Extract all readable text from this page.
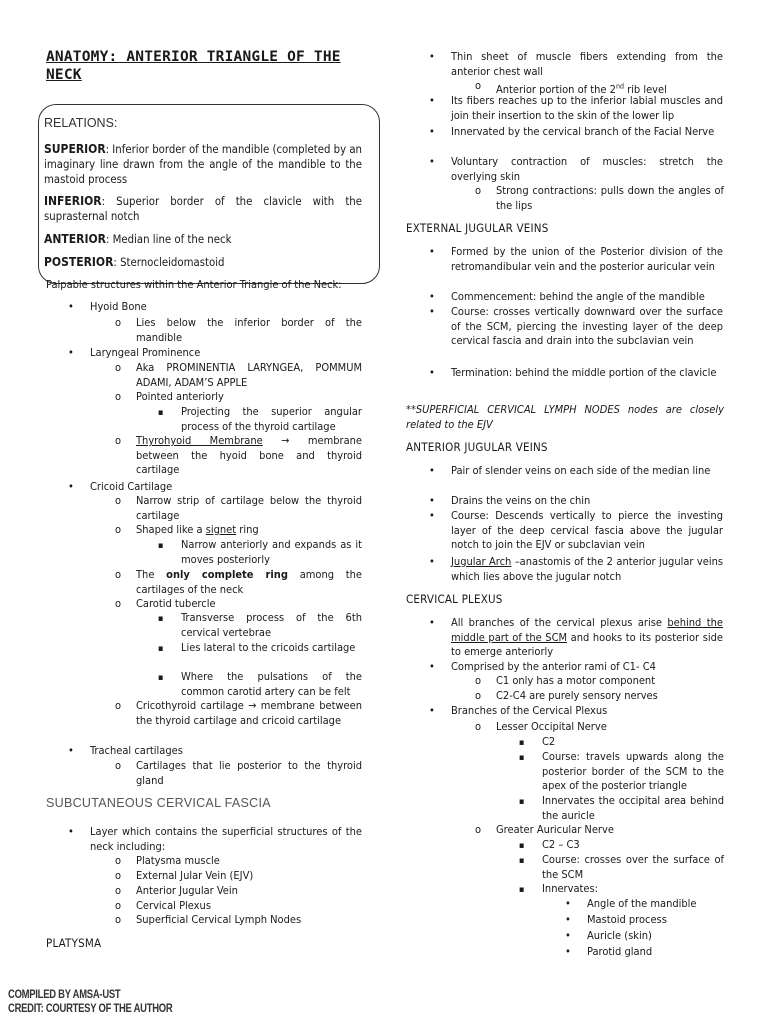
ANATOMY: ANTERIOR TRIANGLE OF THE NECK
RELATIONS:

SUPERIOR: Inferior border of the mandible (completed by an imaginary line drawn from the angle of the mandible to the mastoid process

INFERIOR: Superior border of the clavicle with the suprasternal notch

ANTERIOR: Median line of the neck

POSTERIOR: Sternocleidomastoid

Palpable structures within the Anterior Triangle of the Neck:
• Hyoid Bone
o Lies below the inferior border of the mandible
• Laryngeal Prominence
o Aka PROMINENTIA LARYNGEA, POMMUM ADAMI, ADAM’S APPLE
o Pointed anteriorly
▪ Projecting the superior angular process of the thyroid cartilage
o Thyrohyoid Membrane → membrane between the hyoid bone and thyroid cartilage
• Cricoid Cartilage
o Narrow strip of cartilage below the thyroid cartilage
o Shaped like a signet ring
▪ Narrow anteriorly and expands as it moves posteriorly
o The only complete ring among the cartilages of the neck
o Carotid tubercle
▪ Transverse process of the 6th cervical vertebrae
▪ Lies lateral to the cricoids cartilage
▪ Where the pulsations of the common carotid artery can be felt
o Cricothyroid cartilage → membrane between the thyroid cartilage and cricoid cartilage
• Tracheal cartilages
o Cartilages that lie posterior to the thyroid gland
SUBCUTANEOUS CERVICAL FASCIA
• Layer which contains the superficial structures of the neck including:
o Platysma muscle
o External Jular Vein (EJV)
o Anterior Jugular Vein
o Cervical Plexus
o Superficial Cervical Lymph Nodes
PLATYSMA
• Thin sheet of muscle fibers extending from the anterior chest wall
o Anterior portion of the 2nd rib level
• Its fibers reaches up to the inferior labial muscles and join their insertion to the skin of the lower lip
• Innervated by the cervical branch of the Facial Nerve
• Voluntary contraction of muscles: stretch the overlying skin
o Strong contractions: pulls down the angles of the lips
EXTERNAL JUGULAR VEINS
• Formed by the union of the Posterior division of the retromandibular vein and the posterior auricular vein
• Commencement: behind the angle of the mandible
• Course: crosses vertically downward over the surface of the SCM, piercing the investing layer of the deep cervical fascia and drain into the subclavian vein
• Termination: behind the middle portion of the clavicle
**SUPERFICIAL CERVICAL LYMPH NODES nodes are closely related to the EJV
ANTERIOR JUGULAR VEINS
• Pair of slender veins on each side of the median line
• Drains the veins on the chin
• Course: Descends vertically to pierce the investing layer of the deep cervical fascia above the jugular notch to join the EJV or subclavian vein
• Jugular Arch –anastomis of the 2 anterior jugular veins which lies above the jugular notch
CERVICAL PLEXUS
• All branches of the cervical plexus arise behind the middle part of the SCM and hooks to its posterior side to emerge anteriorly
• Comprised by the anterior rami of C1- C4
o C1 only has a motor component
o C2-C4 are purely sensory nerves
• Branches of the Cervical Plexus
o Lesser Occipital Nerve
▪ C2
▪ Course: travels upwards along the posterior border of the SCM to the apex of the posterior triangle
▪ Innervates the occipital area behind the auricle
o Greater Auricular Nerve
▪ C2 – C3
▪ Course: crosses over the surface of the SCM
▪ Innervates:
• Angle of the mandible
• Mastoid process
• Auricle (skin)
• Parotid gland
COMPILED BY AMSA-UST
CREDIT: COURTESY OF THE AUTHOR
